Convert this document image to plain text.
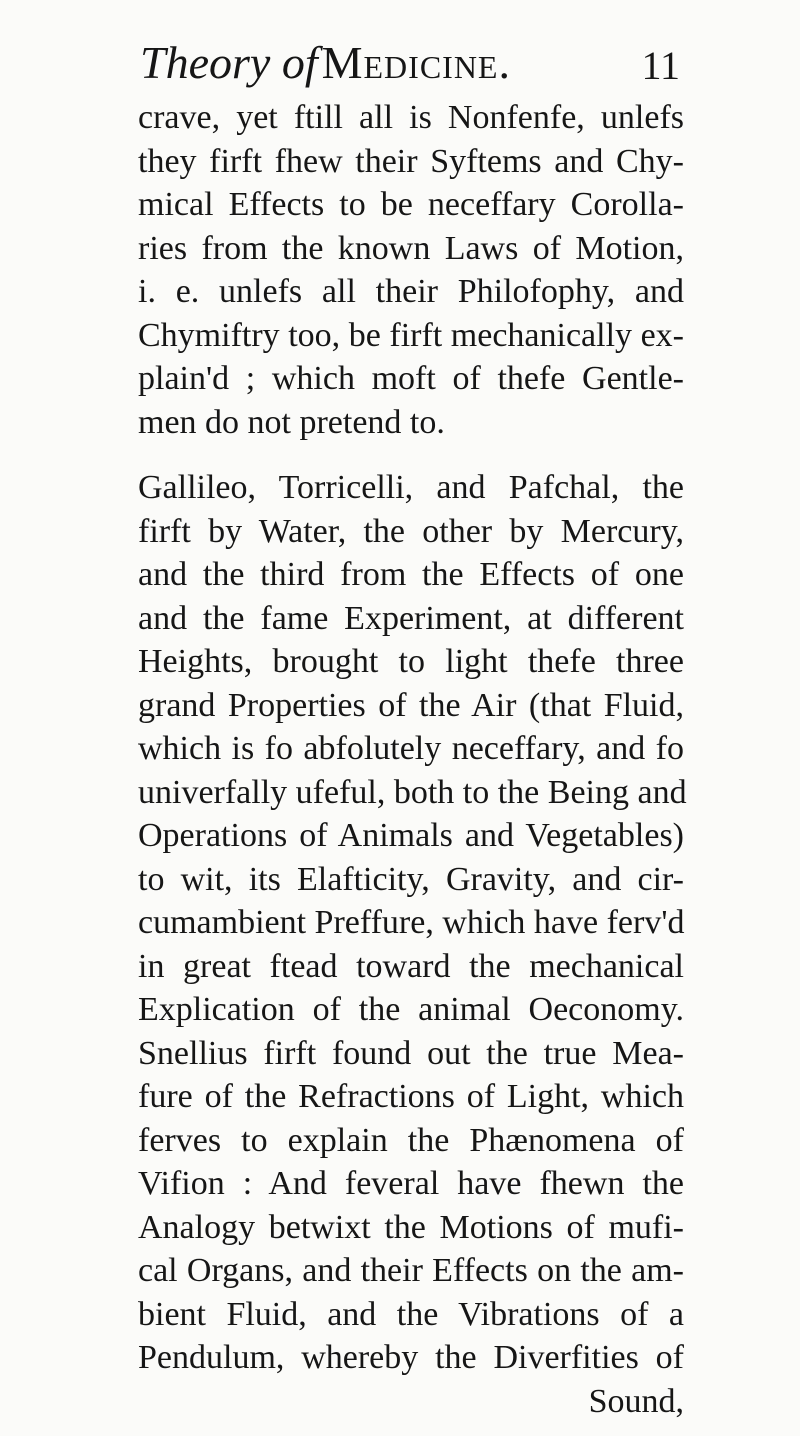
Theory of Medicine.	11
crave, yet ftill all is Nonfenfe, unlefs
they firft fhew their Syftems and Chy-
mical Effects to be neceffary Corolla-
ries from the known Laws of Motion,
i. e. unlefs all their Philofophy, and
Chymiftry too, be firft mechanically ex-
plain'd ; which moft of thefe Gentle-
men do not pretend to.
Gallileo, Torricelli, and Pafchal, the
firft by Water, the other by Mercury,
and the third from the Effects of one
and the fame Experiment, at different
Heights, brought to light thefe three
grand Properties of the Air (that Fluid,
which is fo abfolutely neceffary, and fo
univerfally ufeful, both to the Being and
Operations of Animals and Vegetables)
to wit, its Elafticity, Gravity, and cir-
cumambient Preffure, which have ferv'd
in great ftead toward the mechanical
Explication of the animal Oeconomy.
Snellius firft found out the true Mea-
fure of the Refractions of Light, which
ferves to explain the Phænomena of
Vifion : And feveral have fhewn the
Analogy betwixt the Motions of mufi-
cal Organs, and their Effects on the am-
bient Fluid, and the Vibrations of a
Pendulum, whereby the Diverfities of
Sound,
